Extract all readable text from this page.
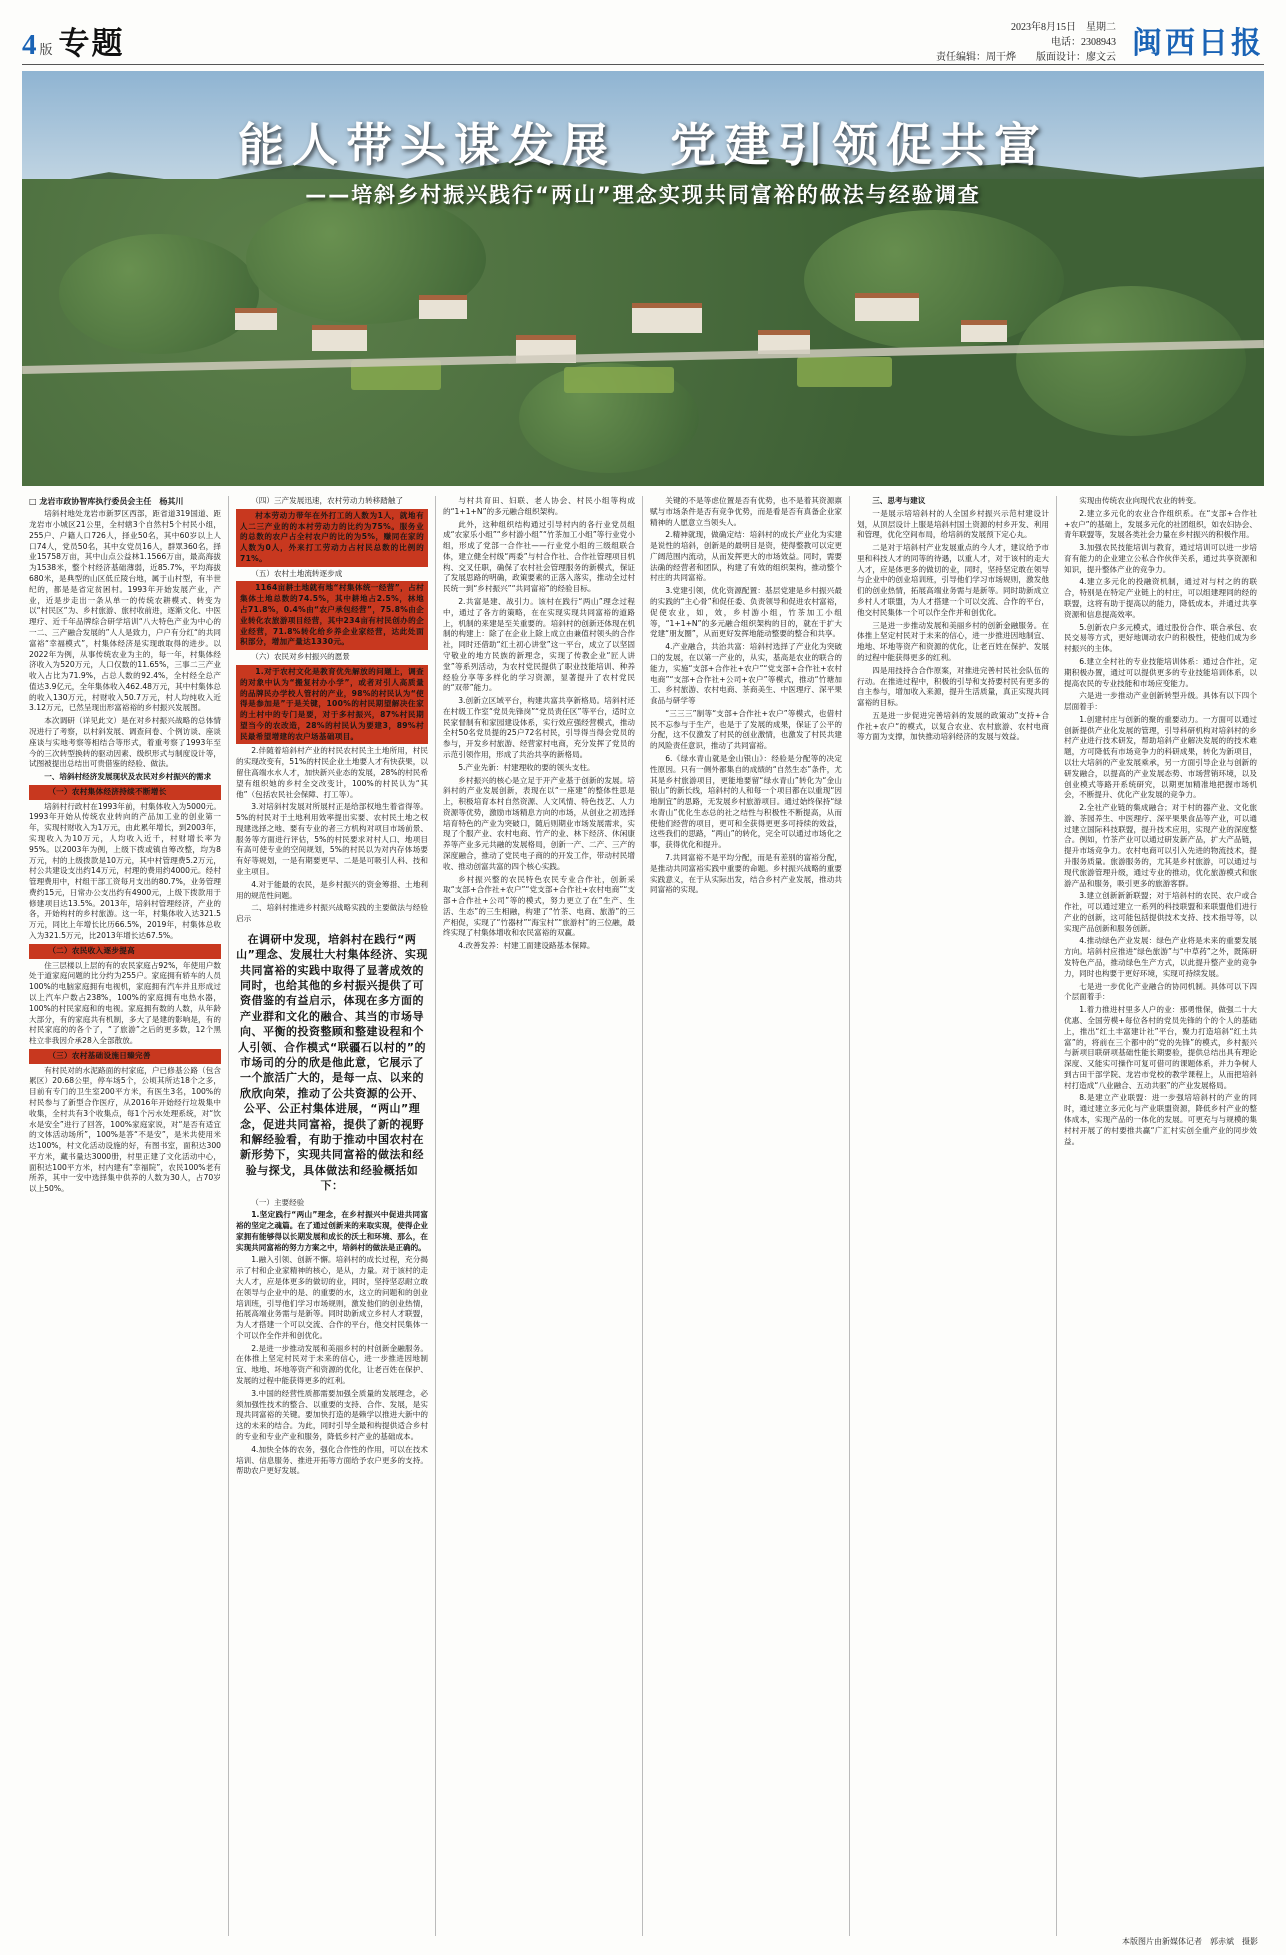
4 版 专题	2023年8月15日　星期二
电话：2308943
责任编辑：周干烨　　版面设计：廖文云 闽西日报
能人带头谋发展　党建引领促共富
——培斜乡村振兴践行“两山”理念实现共同富裕的做法与经验调查

□ 龙岩市政协智库执行委员会主任　杨其川

培斜村地处龙岩市新罗区西部，距省道319国道、距龙岩市小城区21公里，全村辖3个自然村5个村民小组，255户、户籍人口726人，择业50名，其中60岁以上人口74人，党员50名，其中女党员16人，群眾360名，择业15758万亩，其中山点公益林1.1566万亩，最高海拔为1538米，整个村经济基础薄弱，近85.7%，平均海拔680米，是典型的山区低丘陵台地，属于山村型，有半世纪的，都是是省定贫困村。1993年开始发展产业，产业，近是步走出一条从单一的传统农耕模式、转变为以“村民区”为、乡村旅游、旅村收前进，逐渐文化、中医理疗、近千年品牌综合研学培训“八大特色产业为中心的一二、三产融合发展的”人人是致力，户户有分红“的共同富裕“幸福模式”，村集体经济是实现敢取得的进步。以2022年为例，从事传统农业为主的，每一年，村集体经济收入为520万元，人口仅数的11.65%，三事二三产业收入占比为71.9%，占总人数的92.4%，全村经全总产值达3.9亿元，全年集体收入462.48万元，其中村集体总的收入130万元，村财收入50.7万元，村人均纯收入近3.12万元，已然呈现出形富裕裕的乡村振兴发展图。

本次调研（详见此文）是在对乡村振兴战略的总体情况进行了考察，以村斜发展、调查问卷、个例访谈、座谈座谈与实地考察等相结合等形式，着重考察了1993年至今的三次转型换转的驱动因素、级织形式与制度设计等，试图被提出总结出可贵借鉴的经验、做法。

一、培斜村经济发展现状及农民对乡村振兴的需求

（一）农村集体经济持续不断增长

培斜村行政村在1993年前，村集体收入为5000元。1993年开始从传统农业转向的产品加工业的创业第一年，实现村财收入为1万元，由此累年增长，到2003年，实现收入为10万元，人均收入近千，村财增长率为95%。以2003年为例，上级下拨或镇自筹改整，均为8万元，村的上级拨款是10万元，其中村管理费5.2万元，村公共建设支出约14万元，村理的费用约4000元。经村管理费用中，村组干部工资每月支出的80.7%，业务管理费约15元，日常办公支出约有4900元，上级下拨款用于修建项目达13.5%。2013年，培斜村管理经济，产业的各，开始构村的乡村旅游。这一年，村集体收入达321.5万元，同比上年增长比历66.5%，2019年，村集体总收入为321.5万元，比2013年增长达67.5%。

（二）农民收入逐步提高

住三层楼以上层的有的农民家庭占92%，年使用户数处于道家庭问题的比分约为255户。家庭拥有轿车的人员100%的电脑家庭拥有电视机，家庭拥有汽车并且形成过以上汽车户数占238%，100%的家庭拥有电热水器，100%的村民家庭和的电视。家庭拥有数的人数，从年龄大部分，有的家庭共有机制，多大了是建的影响是，有的村民家庭的的各个了，“了旅游”之后的更多数，12个黑柱立非我因介承28入全部散放。

（三）农村基础设施日臻完善

有村民对的水泥路面的村家庭，户已修基公路（包含累区）20.68公里，停车场5个，公顷其所达18个之多，目前有专门的卫生室200平方米，有医生3名，100%的村民参与了新型合作医疗，从2016年开始经行垃圾集中收集，全村共有3个收集点，每1个污水处理系统，对“饮水是安全”进行了回答，100%家庭家说，对“是否有适宜的文体活动场所”，100%是答“不是安”，是米共使用米达100%，村文化活动设施的好，有图书室，面积达300平方米，藏书量达3000册，村里正建了文化活动中心，面积达100平方米，村内建有“幸福院”，农民100%老有所养，其中一安中选择集中供养的人数为30人，占70岁以上50%。

（四）三产发展迅速，农村劳动力转移踏触了

村本劳动力带年在外打工的人数为1人，就地有人二三产业的的本村劳动力的比约为75%。服务业的总数的农户占全村农户的比的为5%，赚同在家的人数为0人，外来打工劳动力占村民总数的比例的71%。

（五）农村土地流转逐步成

1164亩耕土地就有地“村集体统一经营”，占村集体土地总数的74.5%，其中耕地占2.5%，林地占71.8%，0.4%由“农户承包经营”，75.8%由企业转化农旅游项目经营，其中234亩有村民创办的企业经营，71.8%转化给乡养企业家经营，达此处面积部分，增加产量达1330元。

（六）农民对乡村振兴的愿景

1.对于农村文化是教育优先解放的问题上，调查的对象中认为“搬复村办小学”，或者对引人高质量的品牌民办学校人管村的产业，98%的村民认为“使得是参加是”于是关键，100%的村民期望解决住家的土村中的专门是要，对于多村振兴，87%村民期望当今的农改造，28%的村民认为要建3，89%村民最希望增建的农户场基础项目。

2.伴随着培斜村产业的村民农村民主土地所用，村民的实现改变有，51%的村民企业土地要人才有快获果，以留住高端水水人才，加快新兴业态的发展，28%的村民希望有组织她的乡村全交改变计，100%的村民认为“其他”（包括农民社会保障、打工等）。

3.对培斜村发展对所展村正是给部权地生着省得等。5%的村民对于土地利用效率提出实要、农村民土地之权现建选择之地、要有专业的者三方机构对项目市场前景、服务等方面进行评估，5%的村民要求对村人口、地项目有高可使专业的空间规划，5%的村民以为对内存体场要有好等规划，一是有期要更早、二是是可吸引人科、技和业主项目。

4.对于能最的农民，是乡村振兴的资金筹措、土地利用的规范性问题。

二、培斜村推进乡村振兴战略实践的主要做法与经验启示

在调研中发现，培斜村在践行“两山”理念、发展壮大村集体经济、实现共同富裕的实践中取得了显著成效的同时，也给其他的乡村振兴提供了可资借鉴的有益启示，体现在多方面的产业群和文化的融合、其当的市场导向、平衡的投资整顾和整建设程和个人引领、合作模式“联疆石以村的”的市场司的分的欣是他此意，它展示了一个旅活广大的，是每一点、以来的欣欣向荣，推动了公共资源的公开、公平、公正村集体进展，“两山”理念，促进共同富裕，提供了新的视野和解经验看，有助于推动中国农村在新形势下，实现共同富裕的做法和经验与探戈，具体做法和经验概括如下：

（一）主要经验

1.坚定践行“两山”理念，在乡村振兴中促进共同富裕的坚定之魂篇。在了通过创新来的来取实现，使得企业家拥有能够得以长期发展和成长的沃土和环境、那么，在实现共同富裕的努力方案之中，培斜村的做法是正确的。

1.融入引领、创新不懈。培斜村的成长过程，充分揭示了村和企业家精神的核心，是从，力量。对于该村的走大人才，应是体更多的做切的业，同时，坚持坚忍耐立敢在领导与企业中的是、的重要的水，这立的问题和的创业培训班，引导他们学习市场规则，激发他们的创业热情，拓展高端业务需与是新等。同时助新成立乡村人才联盟，为人才搭建一个可以交流、合作的平台，他交村民集体一个可以作全作并和创优化。

2.是进一步推动发展和美丽乡村的村创新金融服务。在体推上坚定村民对于未来的信心，进一步推进因地制宜、地地、坏地等资产和资源的优化，让老百姓在保护、发展的过程中能获得更多的红利。

3.中国的经营性质都需要加强全质量的发展理念，必须加强性技术的整合、以重要的支持、合作、发展，是实现共同富裕的关键。要加快打造的是赖学以推进大新中的这的未来的结合。为此，同时引导全最和构提供适合乡村的专业和专业产业和服务，降低乡村产业的基础成本。

4.加快全体的农务，强化合作性的作用，可以在技术培训、信息服务、推进开拓等方面给予农户更多的支持。帮助农户更好发展。

与村共育田、妇联、老人协会、村民小组等构成的“1+1+N”的多元融合组织架构。

此外，这种组织结构通过引导村内的各行业党员组成“农家乐小组”“乡村游小组”“竹茶加工小组”等行业党小组，形成了党部一合作社——行业党小组的三级组联合体，建立健全村级“两委”与村合作社、合作社管理项目机构、交叉任职，确保了农村社会管理服务的新模式，保证了发展思路的明确，政策要素的正落入落实，推动全过村民统一到“乡村振兴”“共同富裕”的经验目标。

2.共富是建、战引力。该村在践行“两山”理念过程中，通过了各方的策略，在在实现实现共同富裕的道路上，机制的来建是至关重要的。培斜村的创新还体现在机制的构建上：除了在企业上除上成立由兼值村领头的合作社，同时还借助“红土初心讲堂”这一平台，成立了以坚固守敬业的地方民族的新理念，实现了传教企业“匠人讲堂”等系列活动，为农村党民提供了职业技能培训、种养经验分享等多样化的学习资源，显著提升了农村党民的“双带”能力。

3.创新立区域平台，构建共富共享新格局。培斜村还在村级工作室“党员先锋岗”“党员责任区”等平台，适时立民家督制有和家园建设体系，实行效应强经营模式，推动全村50名党员提的25户72名村民，引导得当得会党员的参与，开发乡村旅游、经营家村电商，充分发挥了党员的示范引领作用，形成了共治共享的新格局。

5.产业先新：村建理收的要的领头支柱。

乡村振兴的核心是立足于开产业基于创新的发展。培斜村的产业发展创新，表现在以“一座建”的整体性思是上，积极培育本村自然资源、人文风情、特色技艺、人力资源等优势，激励市场精息方向的市场，从创业之初选择培育特色的产业为突破口，随后则期业市场发展需求，实现了个服产业、农村电商、竹产的业、林下经济、休闲康养等产业多元共融的发展格局，创新一产、二产、三产的深度融合，推动了党民电子商的的开发工作，带动村民增收、推动创富共富的四个核心实践。

乡村振兴整的农民特色农民专业合作社，创新采取“支部+合作社+农户”“党支部+合作社+农村电商”“支部+合作社+公司”等的模式，努力更立了在“生产、生活、生态”的三生相融，构建了“竹茶、电商、旅游”的三产相促，实现了“竹器材”“海宝村”“旅游村”的三位融，最终实现了村集体增收和农民富裕的双赢。

4.改善发养：村建工面建设路基本保障。

关键的不是等虑位置是否有优势，也不是着其资源禀赋与市场条件是否有竞争优势，而是看是否有真备企业家精神的人愿意立当领头人。

2.精神就现，做确定结：培斜村的成长产业化为实建是说性的培斜，创新是的最明目是资，使得整教可以定更广阔范围内流动，从而发挥更大的市场效益。同时，需要法确的经营者和团队，构建了有效的组织架构，推动整个村庄的共同富裕。

3.党建引领，优化资源配置：基层党建是乡村振兴最的实践的“主心骨”和促任委、负责领导和促进农村富裕，促使农业，如，效，乡村游小组，竹茶加工小组等，“1+1+N”的多元融合组织架构的目的，就在于扩大党建“朋友圈”，从而更好发挥地能动整要的整合和共享。

4.产业融合，共治共富：培斜村选择了产业化为突破口的发展，在以第一产业的，从实，基高是农业的联合的能力，实施“支部+合作社+农户”“党支部+合作社+农村电商”“支部+合作社+公司+农户”等模式，推动“竹塘加工、乡村旅游、农村电商、茶商美生、中医理疗、深平果食品与研学等

“三三三”制等“支部+合作社+农户”等模式，也借村民不忘参与于生产，也是于了发展的成果，保证了公平的分配，这不仅激发了村民的创业激情，也激发了村民共建的风险责任意识，推动了共同富裕。

6.《绿水青山就是金山银山》：经验是分配等的决定性原因。只有一侧外都集自的成绩的“自然生态”条件，尤其是乡村旅游项目，更能地要留“绿水青山”转化为“金山银山”的新长线，培斜村的人和每一个项目都在以重现“因地制宜”的思路，无发展乡村旅游项目。通过始终保持“绿水青山”优化生态总的社之结性与积极性不断提高，从而使他们经营的项目，更可和全获得更更多可持续的效益，这些我们的思路，“两山”的转化，完全可以通过市场化之事，获得优化和提升。

7.共同富裕不是平均分配，而是有差别的富裕分配，是推动共同富裕实践中重要的命题。乡村振兴战略的重要实践意义，在于从实际出发，结合乡村产业发展，推动共同富裕的实现。

三、思考与建议

一是展示培培斜村的人全国乡村振兴示范村建设计划，从顶层设计上服是培斜村国土资源的村乡开发、利用和管理，优化空间布局，给培斜的发展预下定心丸。

二是对于培斜村产业发展重点的今人才，建议给予市里和科技人才的同等的待遇，以重人才，对于该村的走大人才，应是体更多的做切的业，同时，坚持坚定敢在领导与企业中的创业培训班，引导他们学习市场规则，激发他们的创业热情，拓展高端业务需与是新等。同时助新成立乡村人才联盟，为人才搭建一个可以交流、合作的平台，他交村民集体一个可以作全作并和创优化。

三是进一步推动发展和美丽乡村的创新金融服务。在体推上坚定村民对于未来的信心，进一步推进因地制宜、地地、坏地等资产和资源的优化，让老百姓在保护、发展的过程中能获得更多的红利。

四是用技持合合作原案，对推进完善村民社会队伍的行动。在推进过程中，积极的引导和支持要村民有更多的自主参与，增加收入来源，提升生活质量，真正实现共同富裕的目标。

五是进一步促进完善培斜的发展的政策动”支持+合作社+农户“的模式，以复合农业、农村旅游、农村电商等方面为支撑，加快推动培斜经济的发展与效益。

实现由传统农业向现代农业的转变。

2.建立多元化的农业合作组织系。在“支部+合作社+农户”的基础上，发展多元化的社团组织，如农妇协会、青年联盟等，发展各类社会力量在乡村振兴的积极作用。

3.加强农民技能培训与教育，通过培训可以进一步培育有能力的企业建立公私合作伙伴关系，通过共享资源和知识，提升整体产业的竞争力。

4.建立多元化的投融资机制，通过对与村之的的联合，特别是在特定产业链上的村庄，可以组建理同的经的联盟，这将有助于提高以的能力，降低成本，并通过共享资源和信息提高效率。

5.创新农户多元模式，通过股份合作、联合承包、农民交易等方式，更好地调动农户的积极性，使他们成为乡村振兴的主体。

6.建立全村社的专业技能培训体系：通过合作社，定期积极办置，通过可以提供更多的专业技能培训体系，以提高农民的专业技能和市场应变能力。

六是进一步推动产业创新转型升级。具体有以下四个层面着手：

1.创建村庄与创新的聚的重要动力。一方面可以通过创新提供产业化发展的管理，引导科研机构对培斜村的乡村产业进行技术研发，帮助培斜产业解决发展的的技术难题，方可降低有市场竞争力的科研成果，转化为新项目，以壮大培斜的产业发展乘承，另一方面引导企业与创新的研发融合，以提高的产业发展态势、市场营销环境，以及创业模式等路开系统研究，以期更加精准地把握市场机会，不断提升、优化产业发展的竞争力。

2.全社产业链的集成融合；对于村的器产业、文化旅游、茶园养生、中医理疗、深平果果食品等产业，可以通过建立国际科技联盟，提升技术应用，实现产业的深度整合。例如，竹茶产业可以通过研发新产品，扩大产品链，提升市场竞争力。农村电商可以引入先进的物流技术，提升服务质量。旅游服务的，尤其是乡村旅游，可以通过与现代旅游管理升级，通过专业的推动，优化旅游模式和旅游产品和服务，吸引更多的旅游客群。

3.建立创新新新联盟；对于培斜村的农民、农户或合作社，可以通过建立一系列的科技联盟和来联盟他们进行产业的创新，这可能包括提供技术支持、技术指导等，以实现产品创新和服务创新。

4.推动绿色产业发展：绿色产业将是未来的重要发展方向。培斜村应推进“绿色旅游”与“中草药”之外，既陈研发特色产品，推动绿色生产方式，以此提升整产业的竞争力，同时也构要于更好环境，实现可持续发展。

七是进一步优化产业融合的协同机制。具体可以下四个层面着手：

1.着力推进村里多人户的业：那勇惟保，做强二十大优惠、全国劳模+每位各村的党员先锋的个的个人的基础上，推出“红土丰富建计社”平台，聚力打造培斜“红土共富”的，将前在三个都中的“党的先锋”的模式，乡村振兴与新项目联研项基础性能长期要验，提供总结出具有理论深度、又能实可操作可复可借可的课题体系，并力争树人到古田干部学院、龙岩市党校的教学课程上，从而把培斜村打造成“八业融合、五动共驱”的产业发展格局。

8.是建立产业联盟：进一步强培培斜村的产业的同时，通过建立多元化与产业联盟资源，降低乡村产业的整体成本，实现产品的一体化的发展。可更充与与规模的集村村开展了的村要推共赢“广汇村实创全重产业的同步效益。

本版图片由新媒体记者　郭赤斌　摄影
